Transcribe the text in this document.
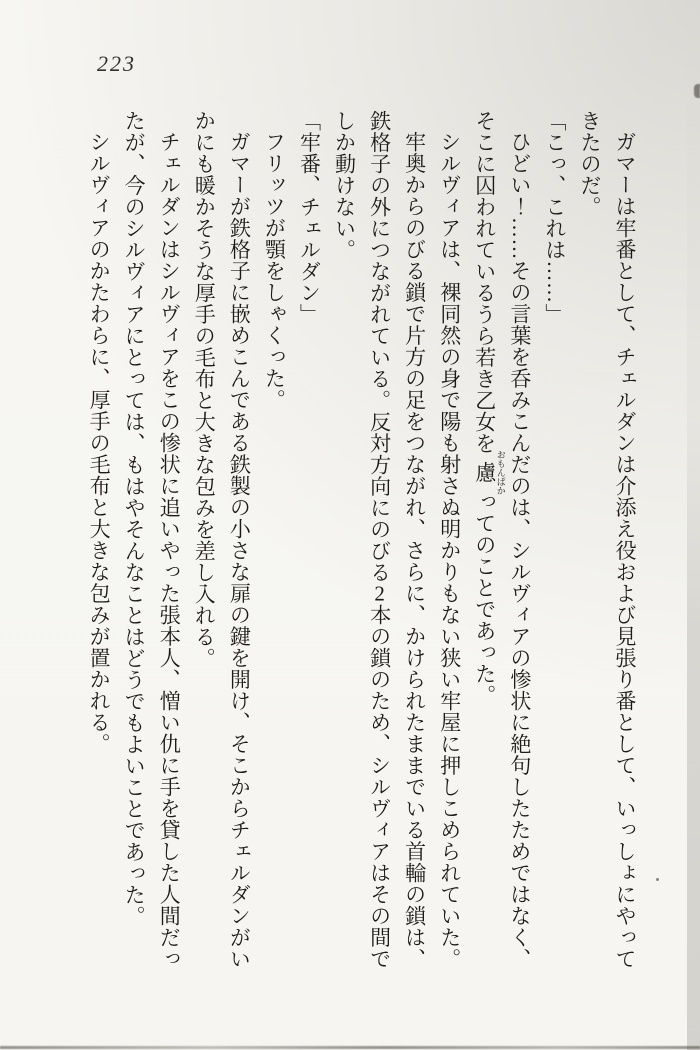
223

ガマーは牢番として、チェルダンは介添え役および見張り番として、いっしょにやってきたのだ。

「こっ、これは……」

ひどい！……その言葉を呑みこんだのは、シルヴィアの惨状に絶句したためではなく、そこに囚われているうら若き乙女を慮 おもんぱかってのことであった。

シルヴィアは、裸同然の身で陽も射さぬ明かりもない狭い牢屋に押しこめられていた。

牢奥からのびる鎖で片方の足をつながれ、さらに、かけられたままでいる首輪の鎖は、鉄格子の外につながれている。反対方向にのびる2本の鎖のため、シルヴィアはその間でしか動けない。

「牢番、チェルダン」

フリッツが顎をしゃくった。

ガマーが鉄格子に嵌めこんである鉄製の小さな扉の鍵を開け、そこからチェルダンがいかにも暖かそうな厚手の毛布と大きな包みを差し入れる。

チェルダンはシルヴィアをこの惨状に追いやった張本人、憎い仇に手を貸した人間だったが、今のシルヴィアにとっては、もはやそんなことはどうでもよいことであった。

シルヴィアのかたわらに、厚手の毛布と大きな包みが置かれる。
